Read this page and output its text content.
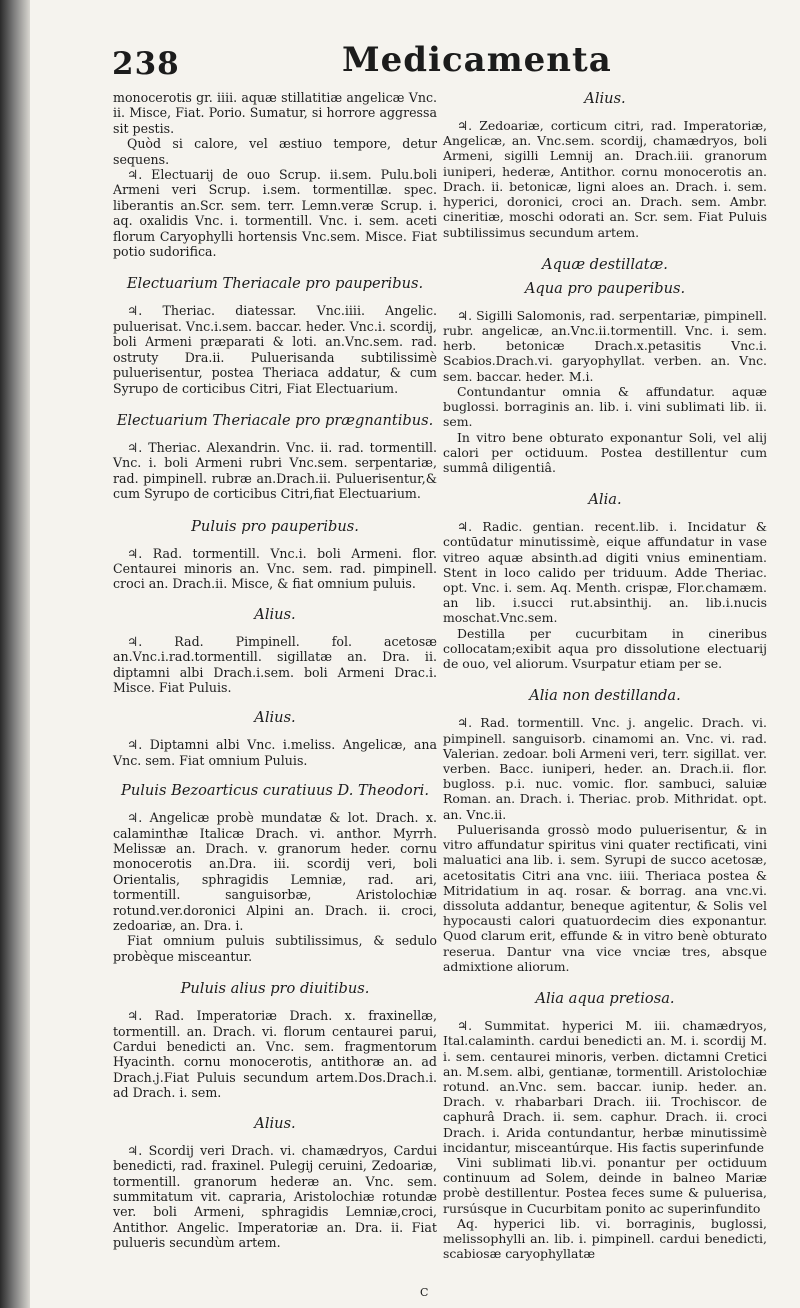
238	Medicamenta
monocerotis gr. iiii. aquæ stillatitiæ angelicæ Vnc. ii. Misce, Fiat. Porio. Sumatur, si horrore aggressa sit pestis.
Quòd si calore, vel æstiuo tempore, detur sequens.
♃. Electuarij de ouo Scrup. ii.sem. Pulu.boli Armeni veri Scrup. i.sem. tormentillæ. spec. liberantis an.Scr. sem. terr. Lemn.veræ Scrup. i. aq. oxalidis Vnc. i. tormentill. Vnc. i. sem. aceti florum Caryophylli hortensis Vnc.sem. Misce. Fiat potio sudorifica.
Electuarium Theriacale pro pauperibus.
♃. Theriac. diatessar. Vnc.iiii. Angelic. puluerisat. Vnc.i.sem. baccar. heder. Vnc.i. scordij, boli Armeni præparati & loti. an.Vnc.sem. rad. ostruty Dra.ii. Puluerisanda subtilissimè puluerisentur, postea Theriaca addatur, & cum Syrupo de corticibus Citri, Fiat Electuarium.
Electuarium Theriacale pro prægnantibus.
♃. Theriac. Alexandrin. Vnc. ii. rad. tormentill. Vnc. i. boli Armeni rubri Vnc.sem. serpentariæ, rad. pimpinell. rubræ an.Drach.ii. Puluerisentur,& cum Syrupo de corticibus Citri,fiat Electuarium.
Puluis pro pauperibus.
♃. Rad. tormentill. Vnc.i. boli Armeni. flor. Centaurei minoris an. Vnc. sem. rad. pimpinell. croci an. Drach.ii. Misce, & fiat omnium puluis.
Alius.
♃. Rad. Pimpinell. fol. acetosæ an.Vnc.i.rad.tormentill. sigillatæ an. Dra. ii. diptamni albi Drach.i.sem. boli Armeni Drac.i. Misce. Fiat Puluis.
Alius.
♃. Diptamni albi Vnc. i.meliss. Angelicæ, ana Vnc. sem. Fiat omnium Puluis.
Puluis Bezoarticus curatiuus D. Theodori.
♃. Angelicæ probè mundatæ & lot. Drach. x. calaminthæ Italicæ Drach. vi. anthor. Myrrh. Melissæ an. Drach. v. granorum heder. cornu monocerotis an.Dra. iii. scordij veri, boli Orientalis, sphragidis Lemniæ, rad. ari, tormentill. sanguisorbæ, Aristolochiæ rotund.ver.doronici Alpini an. Drach. ii. croci, zedoariæ, an. Dra. i.
Fiat omnium puluis subtilissimus, & sedulo probèque misceantur.
Puluis alius pro diuitibus.
♃. Rad. Imperatoriæ Drach. x. fraxinellæ, tormentill. an. Drach. vi. florum centaurei parui, Cardui benedicti an. Vnc. sem. fragmentorum Hyacinth. cornu monocerotis, antithoræ an. ad Drach.j.Fiat Puluis secundum artem.Dos.Drach.i. ad Drach. i. sem.
Alius.
♃. Scordij veri Drach. vi. chamædryos, Cardui benedicti, rad. fraxinel. Pulegij ceruini, Zedoariæ, tormentill. granorum hederæ an. Vnc. sem. summitatum vit. capraria, Aristolochiæ rotundæ ver. boli Armeni, sphragidis Lemniæ,croci, Antithor. Angelic. Imperatoriæ an. Dra. ii. Fiat pulueris secundùm artem.
Alius.
♃. Zedoariæ, corticum citri, rad. Imperatoriæ, Angelicæ, an. Vnc.sem. scordij, chamædryos, boli Armeni, sigilli Lemnij an. Drach.iii. granorum iuniperi, hederæ, Antithor. cornu monocerotis an. Drach. ii. betonicæ, ligni aloes an. Drach. i. sem. hyperici, doronici, croci an. Drach. sem. Ambr. cineritiæ, moschi odorati an. Scr. sem. Fiat Puluis subtilissimus secundum artem.
Aquæ destillatæ.
Aqua pro pauperibus.
♃. Sigilli Salomonis, rad. serpentariæ, pimpinell. rubr. angelicæ, an.Vnc.ii.tormentill. Vnc. i. sem. herb. betonicæ Drach.x.petasitis Vnc.i. Scabios.Drach.vi. garyophyllat. verben. an. Vnc. sem. baccar. heder. M.i.
Contundantur omnia & affundatur. aquæ buglossi. borraginis an. lib. i. vini sublimati lib. ii. sem.
In vitro bene obturato exponantur Soli, vel alij calori per octiduum. Postea destillentur cum summâ diligentiâ.
Alia.
♃. Radic. gentian. recent.lib. i. Incidatur & contūdatur minutissimè, eique affundatur in vase vitreo aquæ absinth.ad digiti vnius eminentiam. Stent in loco calido per triduum. Adde Theriac. opt. Vnc. i. sem. Aq. Menth. crispæ, Flor.chamæm. an lib. i.succi rut.absinthij. an. lib.i.nucis moschat.Vnc.sem.
Destilla per cucurbitam in cineribus collocatam;exibit aqua pro dissolutione electuarij de ouo, vel aliorum. Vsurpatur etiam per se.
Alia non destillanda.
♃. Rad. tormentill. Vnc. j. angelic. Drach. vi. pimpinell. sanguisorb. cinamomi an. Vnc. vi. rad. Valerian. zedoar. boli Armeni veri, terr. sigillat. ver. verben. Bacc. iuniperi, heder. an. Drach.ii. flor. bugloss. p.i. nuc. vomic. flor. sambuci, saluiæ Roman. an. Drach. i. Theriac. prob. Mithridat. opt. an. Vnc.ii.
Puluerisanda grossò modo puluerisentur, & in vitro affundatur spiritus vini quater rectificati, vini maluatici ana lib. i. sem. Syrupi de succo acetosæ, acetositatis Citri ana vnc. iiii. Theriaca postea & Mitridatium in aq. rosar. & borrag. ana vnc.vi. dissoluta addantur, beneque agitentur, & Solis vel hypocausti calori quatuordecim dies exponantur. Quod clarum erit, effunde & in vitro benè obturato reserua. Dantur vna vice vnciæ tres, absque admixtione aliorum.
Alia aqua pretiosa.
♃. Summitat. hyperici M. iii. chamædryos, Ital.calaminth. cardui benedicti an. M. i. scordij M. i. sem. centaurei minoris, verben. dictamni Cretici an. M.sem. albi, gentianæ, tormentill. Aristolochiæ rotund. an.Vnc. sem. baccar. iunip. heder. an. Drach. v. rhabarbari Drach. iii. Trochiscor. de caphurâ Drach. ii. sem. caphur. Drach. ii. croci Drach. i. Arida contundantur, herbæ minutissimè incidantur, misceantúrque. His factis superinfunde
Vini sublimati lib.vi. ponantur per octiduum continuum ad Solem, deinde in balneo Mariæ probè destillentur. Postea feces sume & puluerisa, rursúsque in Cucurbitam ponito ac superinfundito
Aq. hyperici lib. vi. borraginis, buglossi, melissophylli an. lib. i. pimpinell. cardui benedicti, scabiosæ caryophyllatæ
C
